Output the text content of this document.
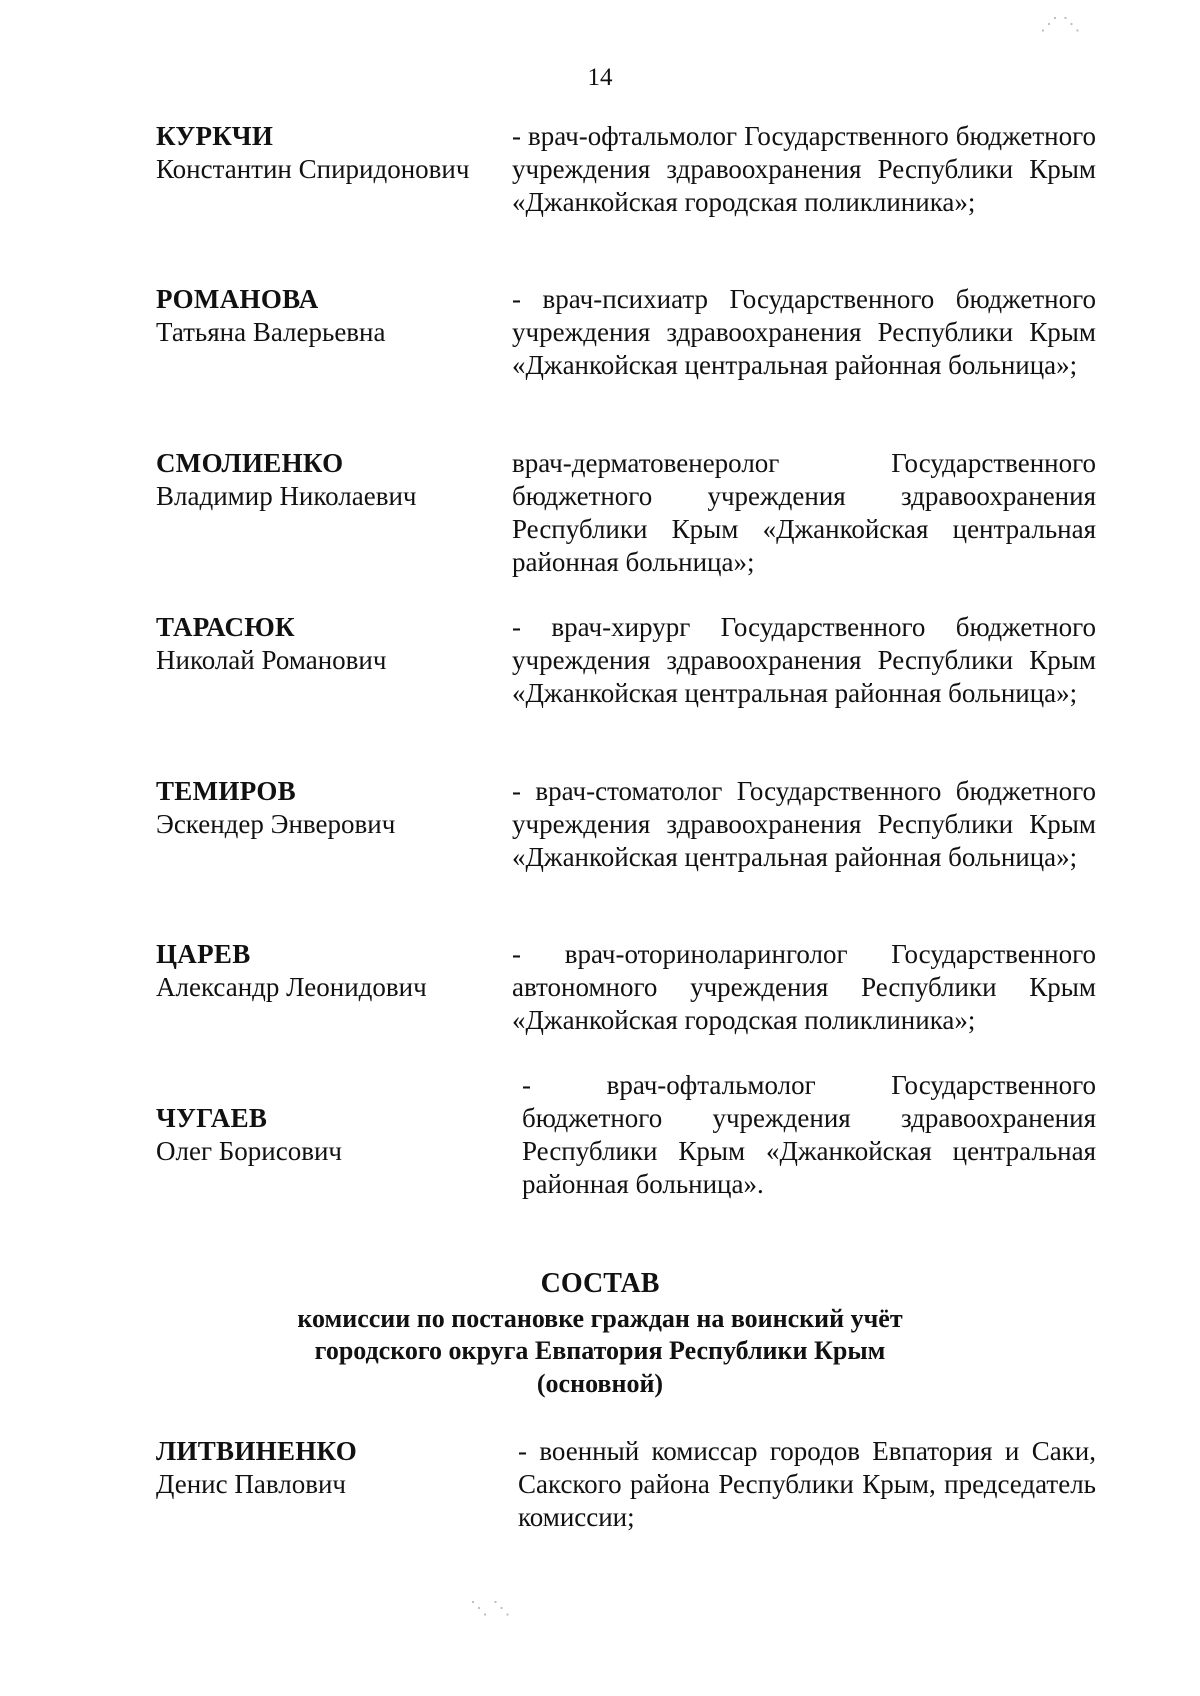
14
⋰ ⋱
КУРКЧИ
Константин Спиридонович
- врач-офтальмолог Государственного бюджетного учреждения здравоохранения Республики Крым «Джанкойская городская поликлиника»;
РОМАНОВА
Татьяна Валерьевна
- врач-психиатр Государственного бюджетного учреждения здравоохранения Республики Крым «Джанкойская центральная районная больница»;
СМОЛИЕНКО
Владимир Николаевич
врач-дерматовенеролог Государственного бюджетного учреждения здравоохранения Республики Крым «Джанкойская центральная районная больница»;
ТАРАСЮК
Николай Романович
- врач-хирург Государственного бюджетного учреждения здравоохранения Республики Крым «Джанкойская центральная районная больница»;
ТЕМИРОВ
Эскендер Энверович
- врач-стоматолог Государственного бюджетного учреждения здравоохранения Республики Крым «Джанкойская центральная районная больница»;
ЦАРЕВ
Александр Леонидович
- врач-оториноларинголог Государственного автономного учреждения Республики Крым «Джанкойская городская поликлиника»;
ЧУГАЕВ
Олег Борисович
- врач-офтальмолог Государственного бюджетного учреждения здравоохранения Республики Крым «Джанкойская центральная районная больница».
СОСТАВ
комиссии по постановке граждан на воинский учёт
городского округа Евпатория Республики Крым
(основной)
ЛИТВИНЕНКО
Денис Павлович
- военный комиссар городов Евпатория и Саки, Сакского района Республики Крым, председатель комиссии;
⋱ ⋱
